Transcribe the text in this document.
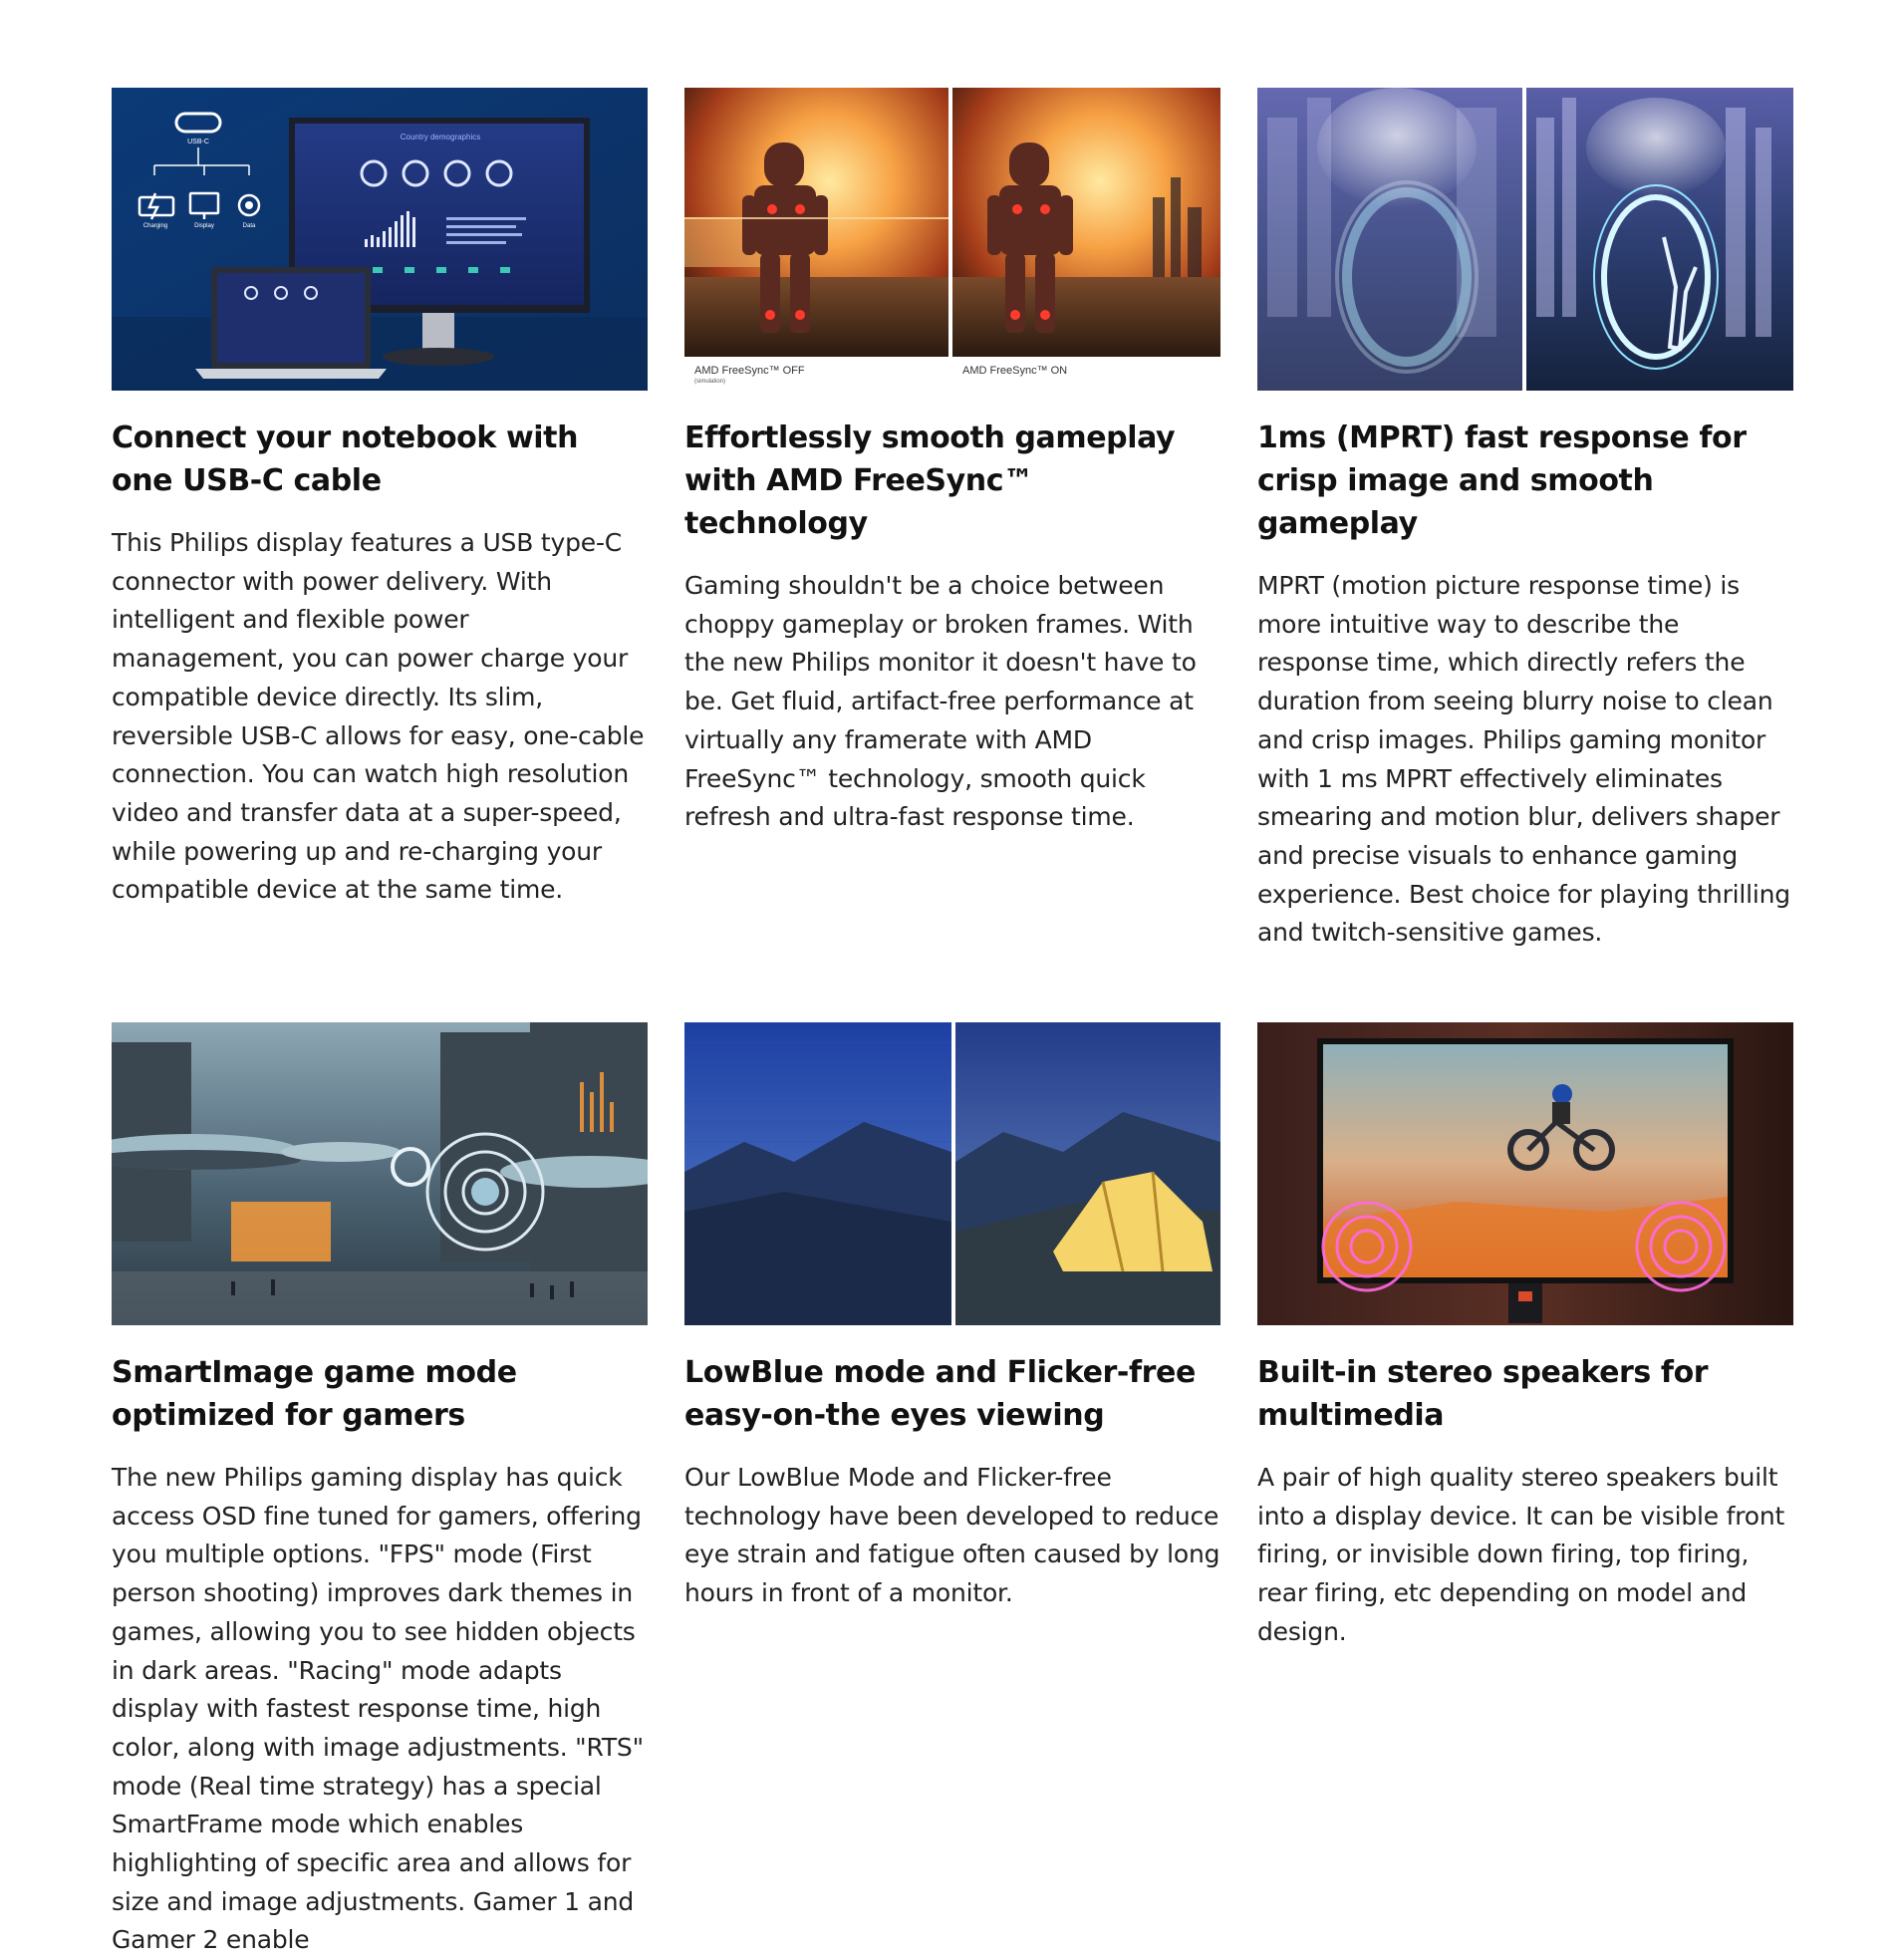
USB-C
Charging	Display	Data
Country demographics
Connect your notebook with one USB-C cable
This Philips display features a USB type-C connector with power delivery. With intelligent and flexible power management, you can power charge your compatible device directly. Its slim, reversible USB-C allows for easy, one-cable connection. You can watch high resolution video and transfer data at a super-speed, while powering up and re-charging your compatible device at the same time.
AMD FreeSync™ OFF
(simulation)
AMD FreeSync™ ON
Effortlessly smooth gameplay with AMD FreeSync™ technology
Gaming shouldn't be a choice between choppy gameplay or broken frames. With the new Philips monitor it doesn't have to be. Get fluid, artifact-free performance at virtually any framerate with AMD FreeSync™ technology, smooth quick refresh and ultra-fast response time.
1ms (MPRT) fast response for crisp image and smooth gameplay
MPRT (motion picture response time) is more intuitive way to describe the response time, which directly refers the duration from seeing blurry noise to clean and crisp images. Philips gaming monitor with 1 ms MPRT effectively eliminates smearing and motion blur, delivers shaper and precise visuals to enhance gaming experience. Best choice for playing thrilling and twitch-sensitive games.
SmartImage game mode optimized for gamers
The new Philips gaming display has quick access OSD fine tuned for gamers, offering you multiple options. "FPS" mode (First person shooting) improves dark themes in games, allowing you to see hidden objects in dark areas. "Racing" mode adapts display with fastest response time, high color, along with image adjustments. "RTS" mode (Real time strategy) has a special SmartFrame mode which enables highlighting of specific area and allows for size and image adjustments. Gamer 1 and Gamer 2 enable
LowBlue mode and Flicker-free easy-on-the eyes viewing
Our LowBlue Mode and Flicker-free technology have been developed to reduce eye strain and fatigue often caused by long hours in front of a monitor.
Built-in stereo speakers for multimedia
A pair of high quality stereo speakers built into a display device. It can be visible front firing, or invisible down firing, top firing, rear firing, etc depending on model and design.
